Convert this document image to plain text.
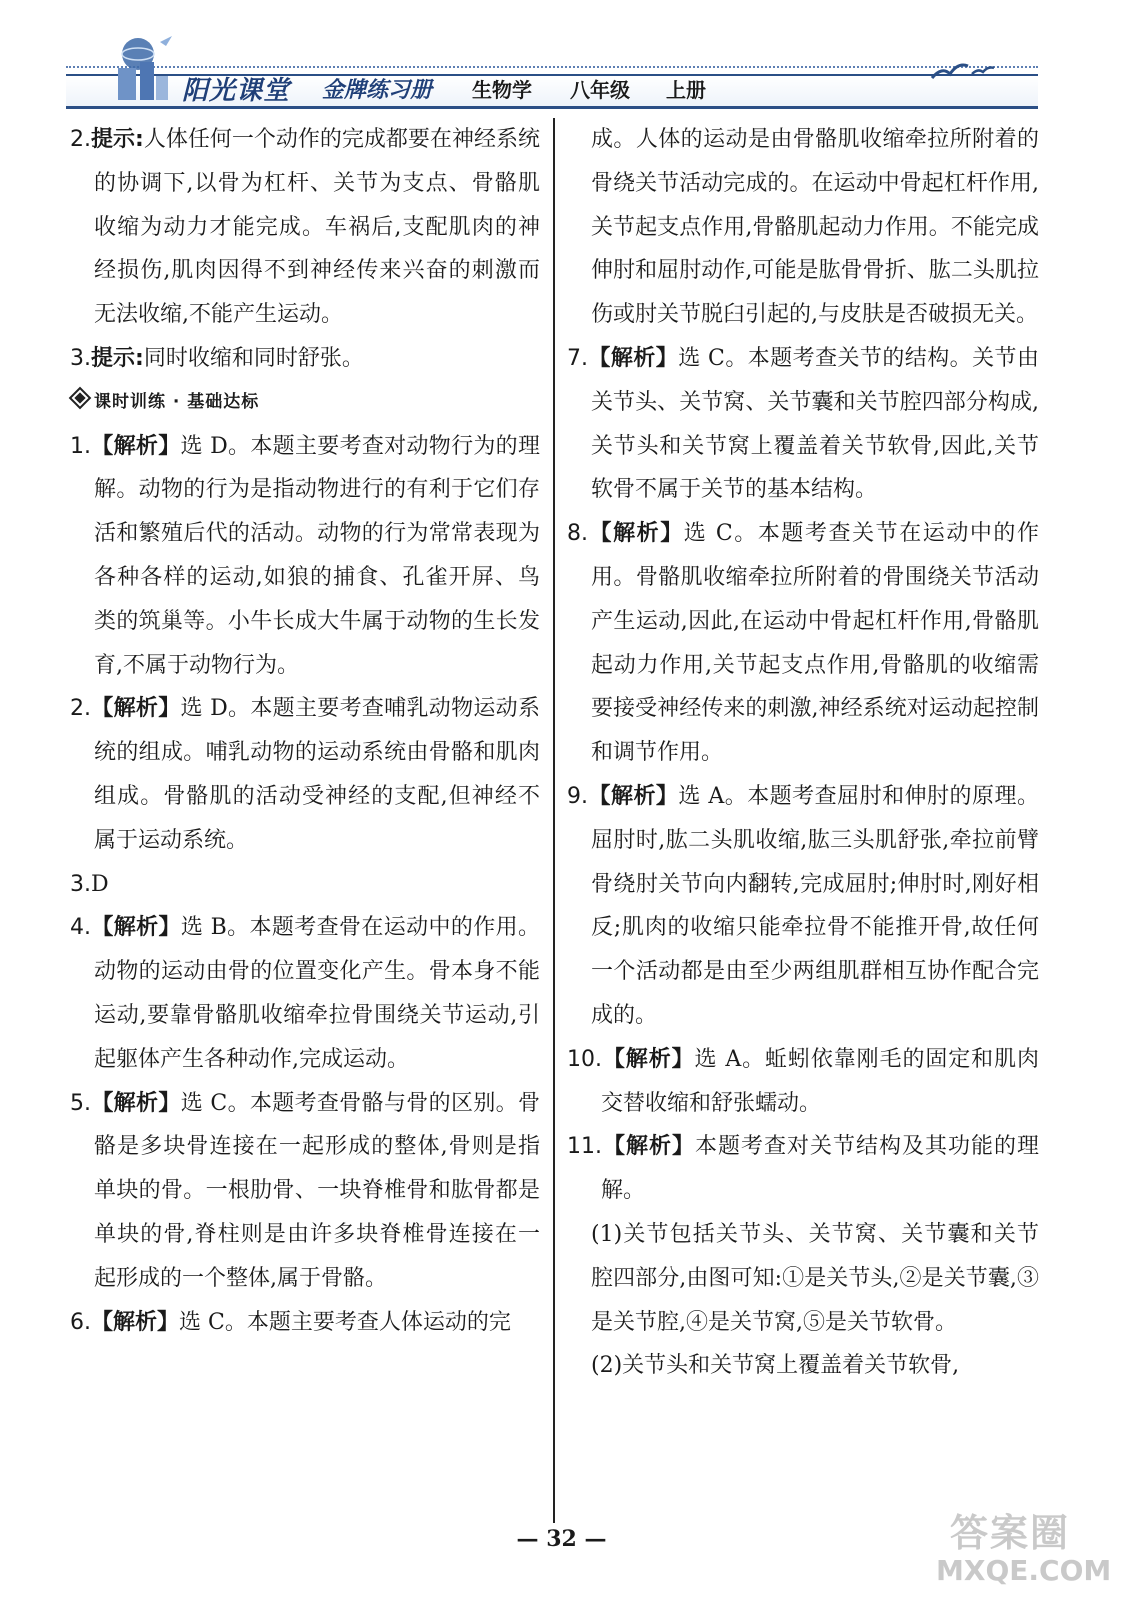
阳光课堂 金牌练习册 生物学 八年级 上册

2.提示:人体任何一个动作的完成都要在神经系统的协调下,以骨为杠杆、关节为支点、骨骼肌收缩为动力才能完成。车祸后,支配肌肉的神经损伤,肌肉因得不到神经传来兴奋的刺激而无法收缩,不能产生运动。

3.提示:同时收缩和同时舒张。

课时训练 · 基础达标

1.【解析】选 D。本题主要考查对动物行为的理解。动物的行为是指动物进行的有利于它们存活和繁殖后代的活动。动物的行为常常表现为各种各样的运动,如狼的捕食、孔雀开屏、鸟类的筑巢等。小牛长成大牛属于动物的生长发育,不属于动物行为。

2.【解析】选 D。本题主要考查哺乳动物运动系统的组成。哺乳动物的运动系统由骨骼和肌肉组成。骨骼肌的活动受神经的支配,但神经不属于运动系统。

3.D

4.【解析】选 B。本题考查骨在运动中的作用。动物的运动由骨的位置变化产生。骨本身不能运动,要靠骨骼肌收缩牵拉骨围绕关节运动,引起躯体产生各种动作,完成运动。

5.【解析】选 C。本题考查骨骼与骨的区别。骨骼是多块骨连接在一起形成的整体,骨则是指单块的骨。一根肋骨、一块脊椎骨和肱骨都是单块的骨,脊柱则是由许多块脊椎骨连接在一起形成的一个整体,属于骨骼。

6.【解析】选 C。本题主要考查人体运动的完

成。人体的运动是由骨骼肌收缩牵拉所附着的骨绕关节活动完成的。在运动中骨起杠杆作用,关节起支点作用,骨骼肌起动力作用。不能完成伸肘和屈肘动作,可能是肱骨骨折、肱二头肌拉伤或肘关节脱臼引起的,与皮肤是否破损无关。

7.【解析】选 C。本题考查关节的结构。关节由关节头、关节窝、关节囊和关节腔四部分构成,关节头和关节窝上覆盖着关节软骨,因此,关节软骨不属于关节的基本结构。

8.【解析】选 C。本题考查关节在运动中的作用。骨骼肌收缩牵拉所附着的骨围绕关节活动产生运动,因此,在运动中骨起杠杆作用,骨骼肌起动力作用,关节起支点作用,骨骼肌的收缩需要接受神经传来的刺激,神经系统对运动起控制和调节作用。

9.【解析】选 A。本题考查屈肘和伸肘的原理。屈肘时,肱二头肌收缩,肱三头肌舒张,牵拉前臂骨绕肘关节向内翻转,完成屈肘;伸肘时,刚好相反;肌肉的收缩只能牵拉骨不能推开骨,故任何一个活动都是由至少两组肌群相互协作配合完成的。

10.【解析】选 A。蚯蚓依靠刚毛的固定和肌肉交替收缩和舒张蠕动。

11.【解析】本题考查对关节结构及其功能的理解。

(1)关节包括关节头、关节窝、关节囊和关节腔四部分,由图可知:①是关节头,②是关节囊,③是关节腔,④是关节窝,⑤是关节软骨。

(2)关节头和关节窝上覆盖着关节软骨,

— 32 —	答案圈
MXQE.COM
